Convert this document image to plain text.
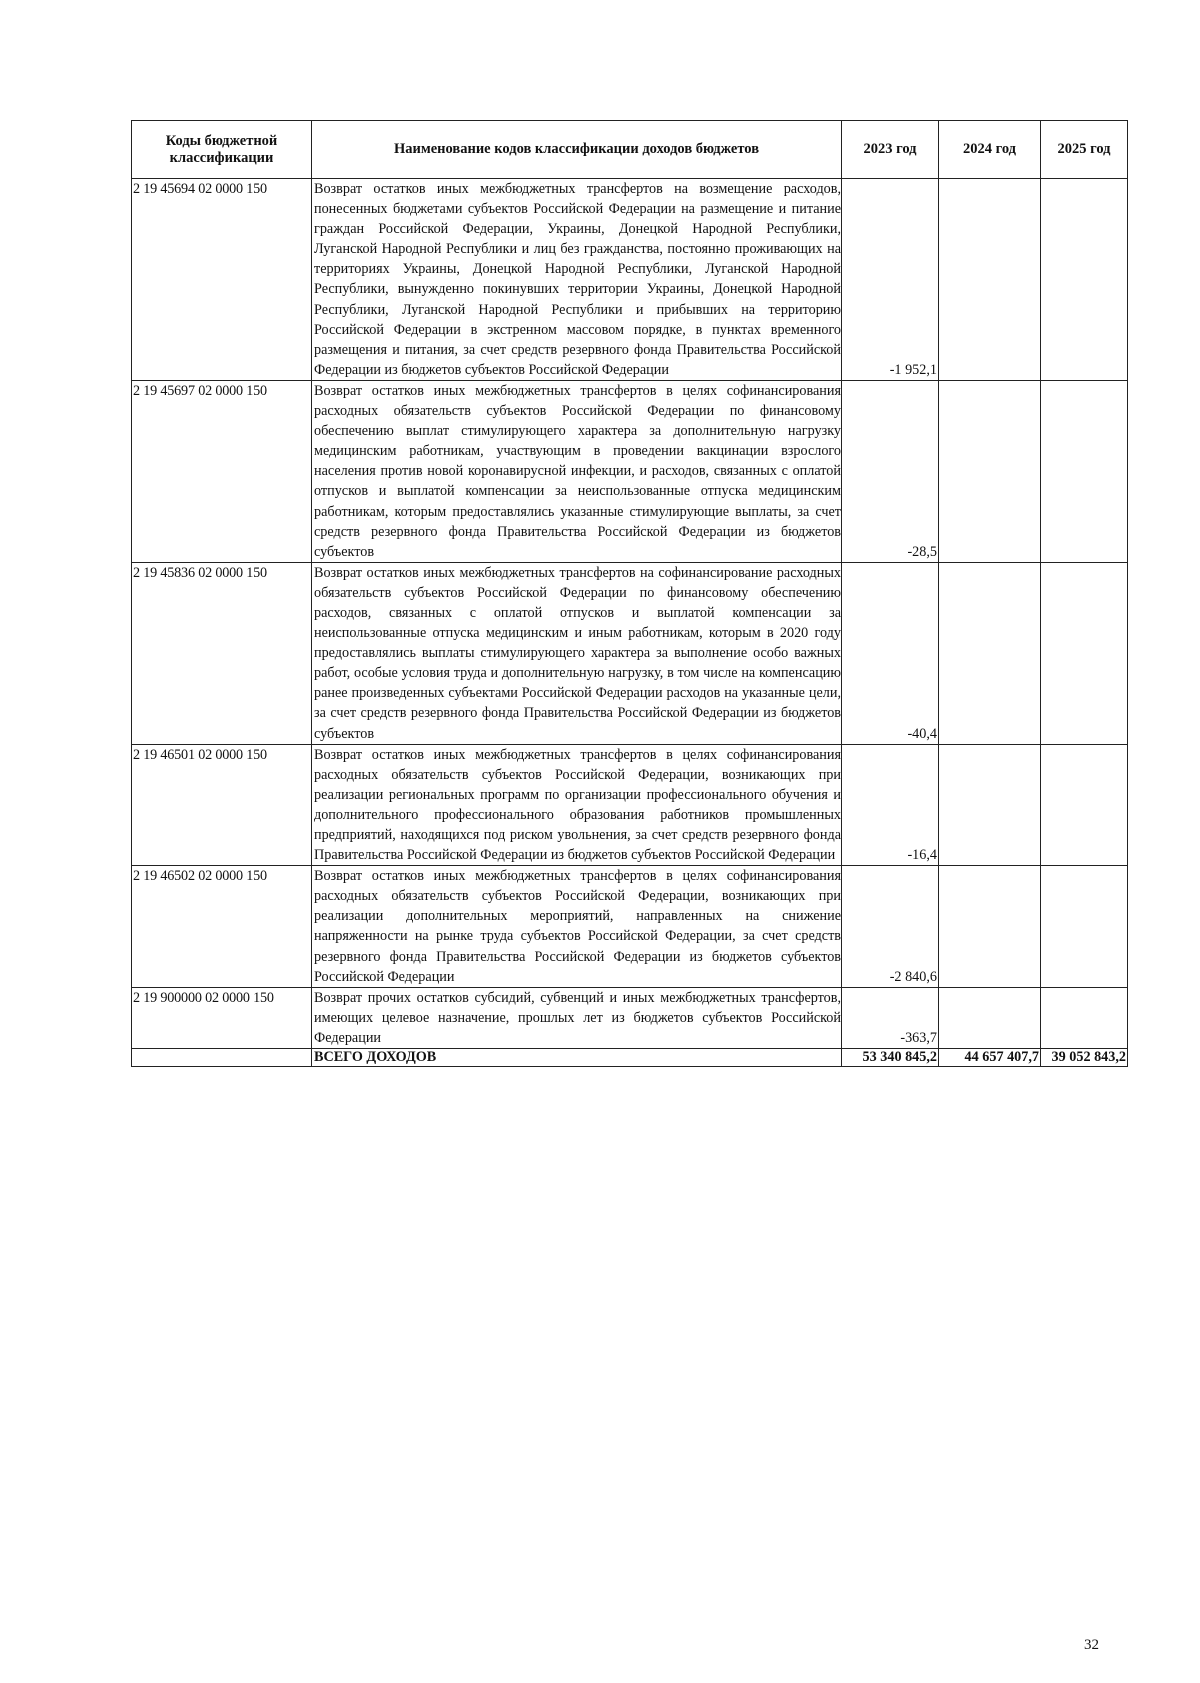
Коды бюджетной классификации	Наименование кодов классификации доходов бюджетов	2023 год	2024 год	2025 год
2 19 45694 02 0000 150	Возврат остатков иных межбюджетных трансфертов на возмещение расходов, понесенных бюджетами субъектов Российской Федерации на размещение и питание граждан Российской Федерации, Украины, Донецкой Народной Республики, Луганской Народной Республики и лиц без гражданства, постоянно проживающих на территориях Украины, Донецкой Народной Республики, Луганской Народной Республики, вынужденно покинувших территории Украины, Донецкой Народной Республики, Луганской Народной Республики и прибывших на территорию Российской Федерации в экстренном массовом порядке, в пунктах временного размещения и питания, за счет средств резервного фонда Правительства Российской Федерации из бюджетов субъектов Российской Федерации	-1 952,1		
2 19 45697 02 0000 150	Возврат остатков иных межбюджетных трансфертов в целях софинансирования расходных обязательств субъектов Российской Федерации по финансовому обеспечению выплат стимулирующего характера за дополнительную нагрузку медицинским работникам, участвующим в проведении вакцинации взрослого населения против новой коронавирусной инфекции, и расходов, связанных с оплатой отпусков и выплатой компенсации за неиспользованные отпуска медицинским работникам, которым предоставлялись указанные стимулирующие выплаты, за счет средств резервного фонда Правительства Российской Федерации из бюджетов субъектов	-28,5		
2 19 45836 02 0000 150	Возврат остатков иных межбюджетных трансфертов на софинансирование расходных обязательств субъектов Российской Федерации по финансовому обеспечению расходов, связанных с оплатой отпусков и выплатой компенсации за неиспользованные отпуска медицинским и иным работникам, которым в 2020 году предоставлялись выплаты стимулирующего характера за выполнение особо важных работ, особые условия труда и дополнительную нагрузку, в том числе на компенсацию ранее произведенных субъектами Российской Федерации расходов на указанные цели, за счет средств резервного фонда Правительства Российской Федерации из бюджетов субъектов	-40,4		
2 19 46501 02 0000 150	Возврат остатков иных межбюджетных трансфертов в целях софинансирования расходных обязательств субъектов Российской Федерации, возникающих при реализации региональных программ по организации профессионального обучения и дополнительного профессионального образования работников промышленных предприятий, находящихся под риском увольнения, за счет средств резервного фонда Правительства Российской Федерации из бюджетов субъектов Российской Федерации	-16,4		
2 19 46502 02 0000 150	Возврат остатков иных межбюджетных трансфертов в целях софинансирования расходных обязательств субъектов Российской Федерации, возникающих при реализации дополнительных мероприятий, направленных на снижение напряженности на рынке труда субъектов Российской Федерации, за счет средств резервного фонда Правительства Российской Федерации из бюджетов субъектов Российской Федерации	-2 840,6		
2 19 900000 02 0000 150	Возврат прочих остатков субсидий, субвенций и иных межбюджетных трансфертов, имеющих целевое назначение, прошлых лет из бюджетов субъектов Российской Федерации	-363,7		
	ВСЕГО ДОХОДОВ	53 340 845,2	44 657 407,7	39 052 843,2
32
